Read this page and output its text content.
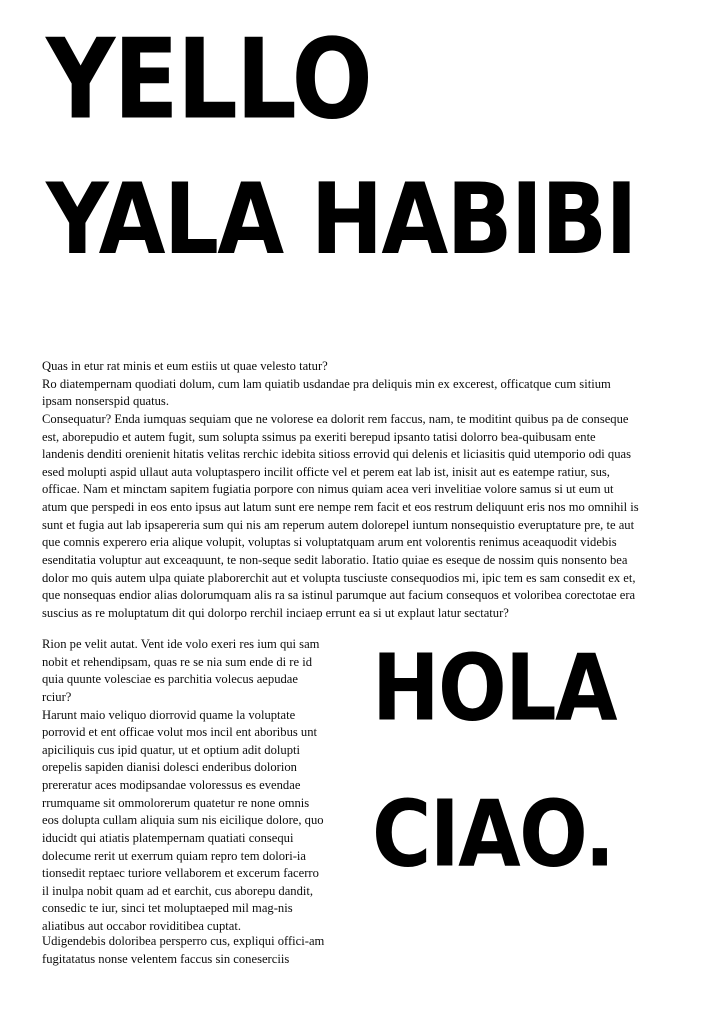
YELLO
YALA HABIBI

Quas in etur rat minis et eum estiis ut quae velesto tatur?

Ro diatempernam quodiati dolum, cum lam quiatib usdandae pra deliquis min ex excerest, officatque cum sitium ipsam nonserspid quatus.

Consequatur? Enda iumquas sequiam que ne volorese ea dolorit rem faccus, nam, te moditint quibus pa de conseque est, aborepudio et autem fugit, sum solupta ssimus pa exeriti berepud ipsanto tatisi dolorro bea-quibusam ente landenis denditi orenienit hitatis velitas rerchic idebita sitioss errovid qui delenis et liciasitis quid utemporio odi quas esed molupti aspid ullaut auta voluptaspero incilit officte vel et perem eat lab ist, inisit aut es eatempe ratiur, sus, officae. Nam et minctam sapitem fugiatia porpore con nimus quiam acea veri invelitiae volore samus si ut eum ut atum que perspedi in eos ento ipsus aut latum sunt ere nempe rem facit et eos restrum deliquunt eris nos mo omnihil is sunt et fugia aut lab ipsapereria sum qui nis am reperum autem dolorepel iuntum nonsequistio everuptature pre, te aut que comnis experero eria alique volupit, voluptas si voluptatquam arum ent volorentis renimus aceaquodit videbis esenditatia voluptur aut exceaquunt, te non-seque sedit laboratio. Itatio quiae es eseque de nossim quis nonsento bea dolor mo quis autem ulpa quiate plaborerchit aut et volupta tusciuste consequodios mi, ipic tem es sam consedit ex et, que nonsequas endior alias dolorumquam alis ra sa istinul parumque aut facium consequos et voloribea corectotae era suscius as re moluptatum dit qui dolorpo rerchil inciaep errunt ea si ut explaut latur sectatur?

Rion pe velit autat. Vent ide volo exeri res ium qui sam nobit et rehendipsam, quas re se nia sum ende di re id quia quunte volesciae es parchitia volecus aepudae rciur?

Harunt maio veliquo diorrovid quame la voluptate porrovid et ent officae volut mos incil ent aboribus unt apiciliquis cus ipid quatur, ut et optium adit dolupti orepelis sapiden dianisi dolesci enderibus dolorion prereratur aces modipsandae voloressus es evendae rrumquame sit ommolorerum quatetur re none omnis eos dolupta cullam aliquia sum nis eicilique dolore, quo iducidt qui atiatis platempernam quatiati consequi dolecume rerit ut exerrum quiam repro tem dolori-ia tionsedit reptaec turiore vellaborem et excerum facerro il inulpa nobit quam ad et earchit, cus aborepu dandit, consedic te iur, sinci tet moluptaeped mil mag-nis aliatibus aut occabor roviditibea cuptat.

HOLA
CIAO.

Udigendebis doloribea persperro cus, expliqui offici-am fugitatatus nonse velentem faccus sin coneserciis
